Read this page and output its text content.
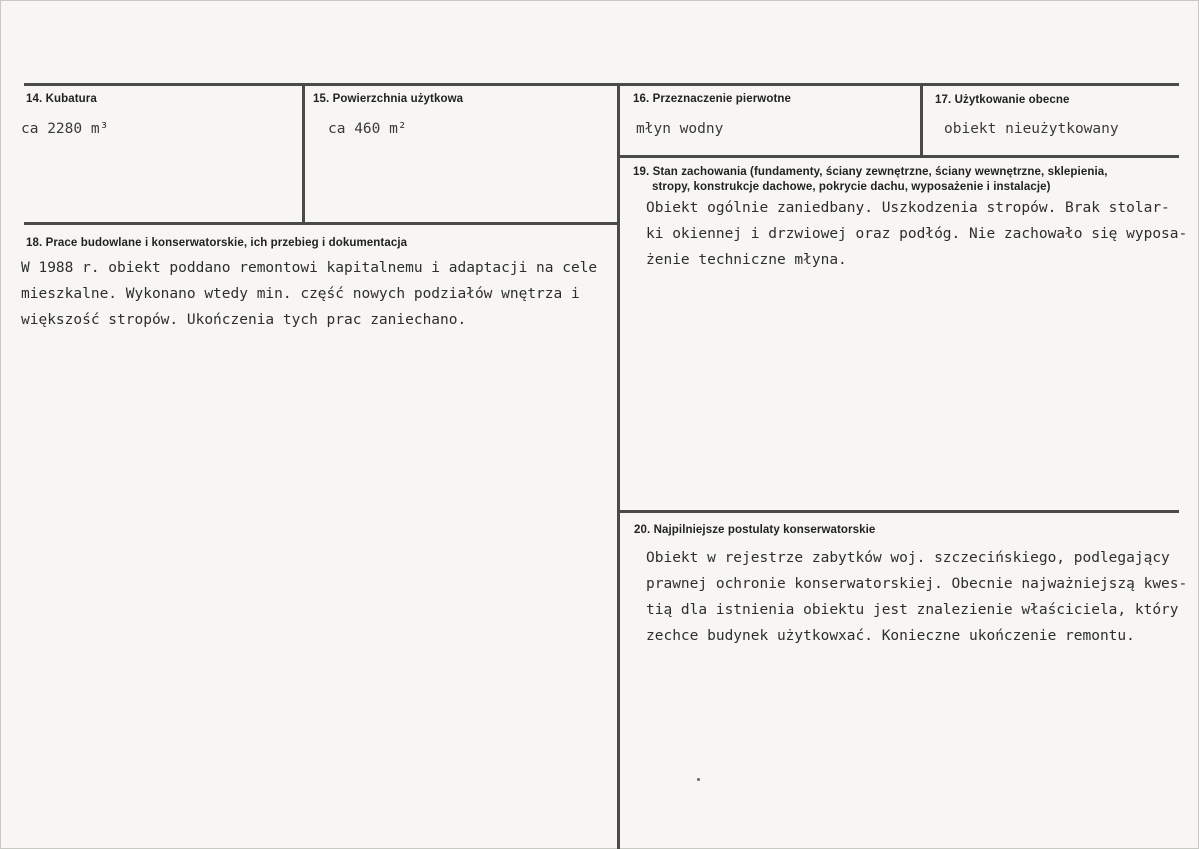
14. Kubatura
ca 2280 m³
15. Powierzchnia użytkowa
ca 460 m²
16. Przeznaczenie pierwotne
młyn wodny
17. Użytkowanie obecne
obiekt nieużytkowany
19. Stan zachowania (fundamenty, ściany zewnętrzne, ściany wewnętrzne, sklepienia,
stropy, konstrukcje dachowe, pokrycie dachu, wyposażenie i instalacje)
Obiekt ogólnie zaniedbany. Uszkodzenia stropów. Brak stolar-
ki okiennej i drzwiowej oraz podłóg. Nie zachowało się wyposa-
żenie techniczne młyna.
18. Prace budowlane i konserwatorskie, ich przebieg i dokumentacja
W 1988 r. obiekt poddano remontowi kapitalnemu i adaptacji na cele
mieszkalne. Wykonano wtedy min. część nowych podziałów wnętrza i
większość stropów. Ukończenia tych prac zaniechano.
20. Najpilniejsze postulaty konserwatorskie
Obiekt w rejestrze zabytków woj. szczecińskiego, podlegający
prawnej ochronie konserwatorskiej. Obecnie najważniejszą kwes-
tią dla istnienia obiektu jest znalezienie właściciela, który
zechce budynek użytkowxać. Konieczne ukończenie remontu.
